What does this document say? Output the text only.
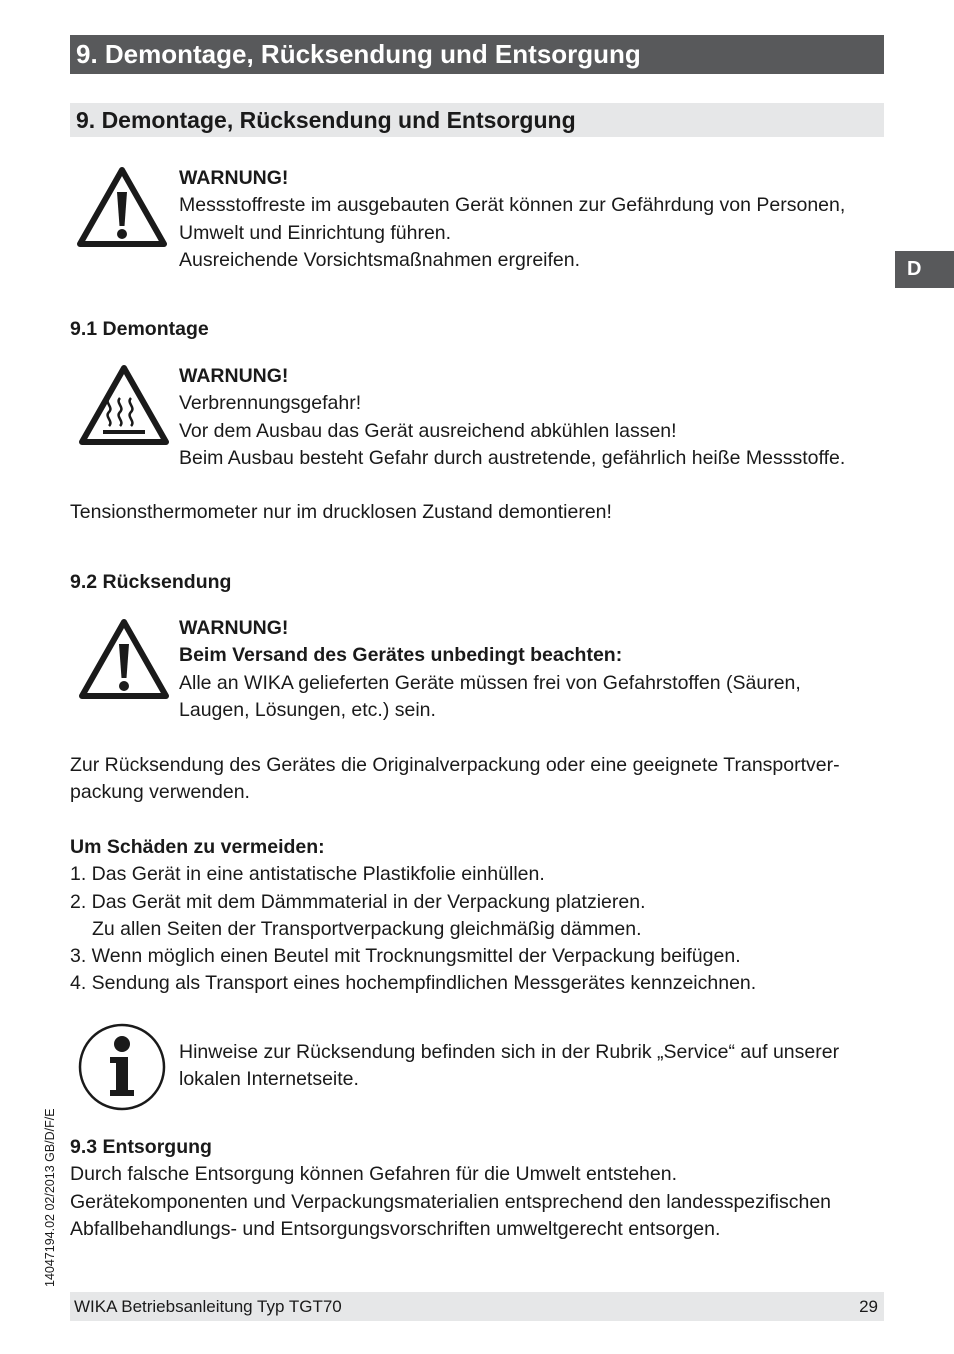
9. Demontage, Rücksendung und Entsorgung
9. Demontage, Rücksendung und Entsorgung
D
WARNUNG!
Messstoffreste im ausgebauten Gerät können zur Gefährdung von Personen,
Umwelt und Einrichtung führen.
Ausreichende Vorsichtsmaßnahmen ergreifen.
9.1 Demontage
WARNUNG!
Verbrennungsgefahr!
Vor dem Ausbau das Gerät ausreichend abkühlen lassen!
Beim Ausbau besteht Gefahr durch austretende, gefährlich heiße Messstoffe.
Tensionsthermometer nur im drucklosen Zustand demontieren!
9.2 Rücksendung
WARNUNG!
Beim Versand des Gerätes unbedingt beachten:
Alle an WIKA gelieferten Geräte müssen frei von Gefahrstoffen (Säuren,
Laugen, Lösungen, etc.) sein.
Zur Rücksendung des Gerätes die Originalverpackung oder eine geeignete Transportver-
packung verwenden.
Um Schäden zu vermeiden:
1. Das Gerät in eine antistatische Plastikfolie einhüllen.
2. Das Gerät mit dem Dämmmaterial in der Verpackung platzieren.
Zu allen Seiten der Transportverpackung gleichmäßig dämmen.
3. Wenn möglich einen Beutel mit Trocknungsmittel der Verpackung beifügen.
4. Sendung als Transport eines hochempfindlichen Messgerätes kennzeichnen.
Hinweise zur Rücksendung befinden sich in der Rubrik „Service“ auf unserer
lokalen Internetseite.
9.3 Entsorgung
Durch falsche Entsorgung können Gefahren für die Umwelt entstehen.
Gerätekomponenten und Verpackungsmaterialien entsprechend den landesspezifischen
Abfallbehandlungs- und Entsorgungsvorschriften umweltgerecht entsorgen.
14047194.02 02/2013 GB/D/F/E
WIKA Betriebsanleitung Typ TGT70	29
